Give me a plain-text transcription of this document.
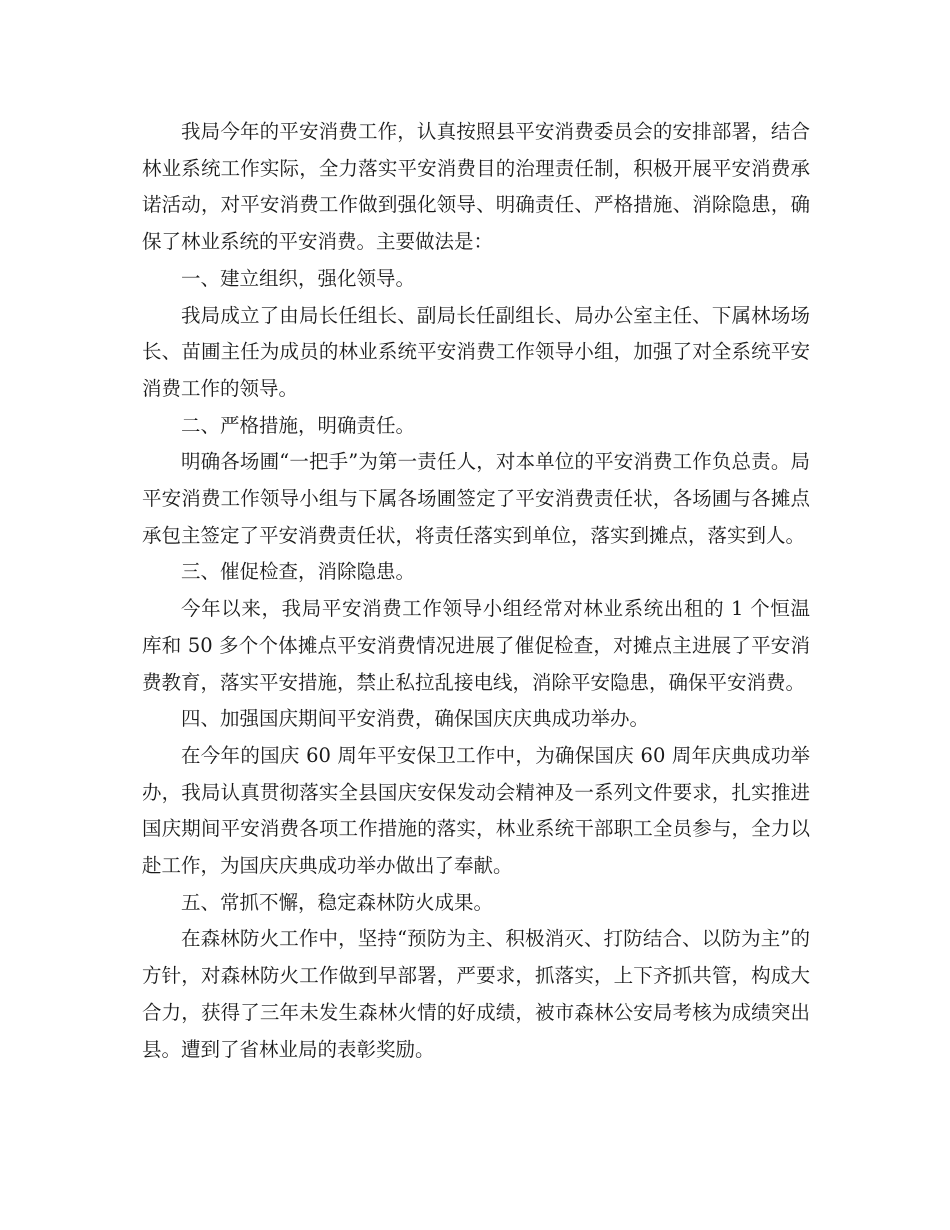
我局今年的平安消费工作，认真按照县平安消费委员会的安排部署，结合林业系统工作实际，全力落实平安消费目的治理责任制，积极开展平安消费承诺活动，对平安消费工作做到强化领导、明确责任、严格措施、消除隐患，确保了林业系统的平安消费。主要做法是：

一、建立组织，强化领导。

我局成立了由局长任组长、副局长任副组长、局办公室主任、下属林场场长、苗圃主任为成员的林业系统平安消费工作领导小组，加强了对全系统平安消费工作的领导。

二、严格措施，明确责任。

明确各场圃“一把手”为第一责任人，对本单位的平安消费工作负总责。局平安消费工作领导小组与下属各场圃签定了平安消费责任状，各场圃与各摊点承包主签定了平安消费责任状，将责任落实到单位，落实到摊点，落实到人。

三、催促检查，消除隐患。

今年以来，我局平安消费工作领导小组经常对林业系统出租的 1 个恒温库和 50 多个个体摊点平安消费情况进展了催促检查，对摊点主进展了平安消费教育，落实平安措施，禁止私拉乱接电线，消除平安隐患，确保平安消费。

四、加强国庆期间平安消费，确保国庆庆典成功举办。

在今年的国庆 60 周年平安保卫工作中，为确保国庆 60 周年庆典成功举办，我局认真贯彻落实全县国庆安保发动会精神及一系列文件要求，扎实推进国庆期间平安消费各项工作措施的落实，林业系统干部职工全员参与，全力以赴工作，为国庆庆典成功举办做出了奉献。

五、常抓不懈，稳定森林防火成果。

在森林防火工作中，坚持“预防为主、积极消灭、打防结合、以防为主”的方针，对森林防火工作做到早部署，严要求，抓落实，上下齐抓共管，构成大合力，获得了三年未发生森林火情的好成绩，被市森林公安局考核为成绩突出县。遭到了省林业局的表彰奖励。
